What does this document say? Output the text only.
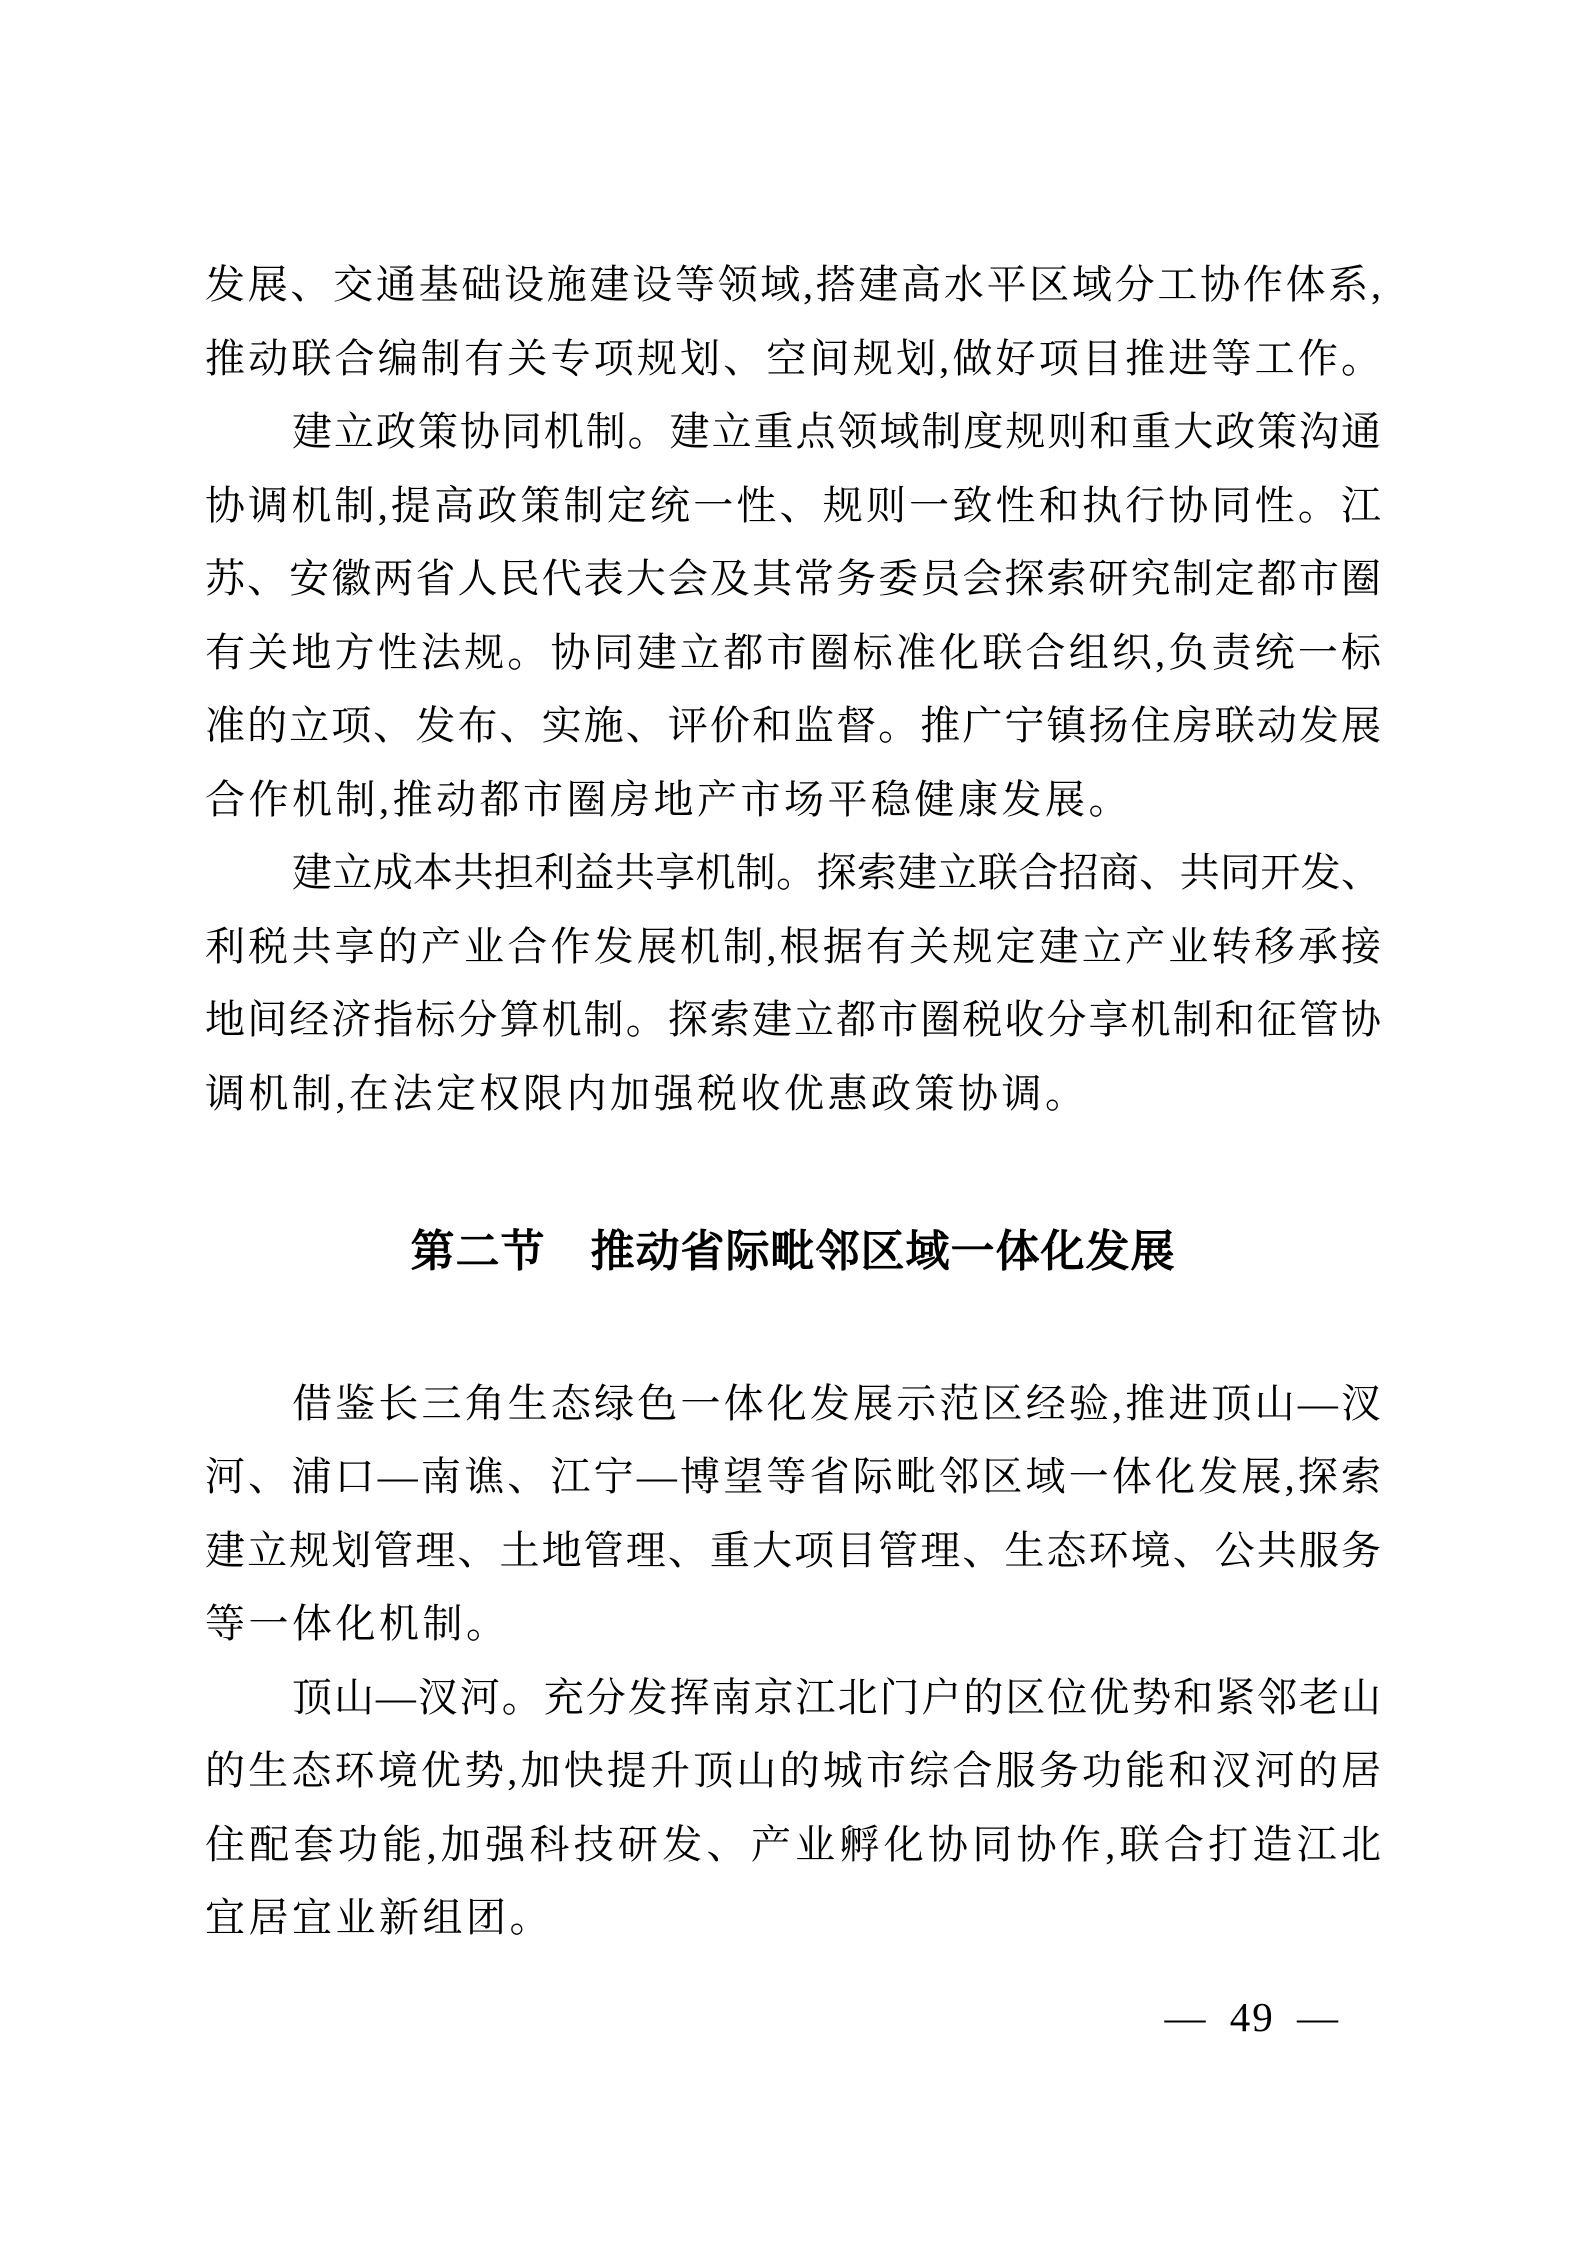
发展、交通基础设施建设等领域,搭建高水平区域分工协作体系,
推动联合编制有关专项规划、空间规划,做好项目推进等工作。
建立政策协同机制。建立重点领域制度规则和重大政策沟通
协调机制,提高政策制定统一性、规则一致性和执行协同性。江
苏、安徽两省人民代表大会及其常务委员会探索研究制定都市圈
有关地方性法规。协同建立都市圈标准化联合组织,负责统一标
准的立项、发布、实施、评价和监督。推广宁镇扬住房联动发展
合作机制,推动都市圈房地产市场平稳健康发展。
建立成本共担利益共享机制。探索建立联合招商、共同开发、
利税共享的产业合作发展机制,根据有关规定建立产业转移承接
地间经济指标分算机制。探索建立都市圈税收分享机制和征管协
调机制,在法定权限内加强税收优惠政策协调。
第二节　推动省际毗邻区域一体化发展
借鉴长三角生态绿色一体化发展示范区经验,推进顶山—汊
河、浦口—南谯、江宁—博望等省际毗邻区域一体化发展,探索
建立规划管理、土地管理、重大项目管理、生态环境、公共服务
等一体化机制。
顶山—汊河。充分发挥南京江北门户的区位优势和紧邻老山
的生态环境优势,加快提升顶山的城市综合服务功能和汊河的居
住配套功能,加强科技研发、产业孵化协同协作,联合打造江北
宜居宜业新组团。
— 49 —
